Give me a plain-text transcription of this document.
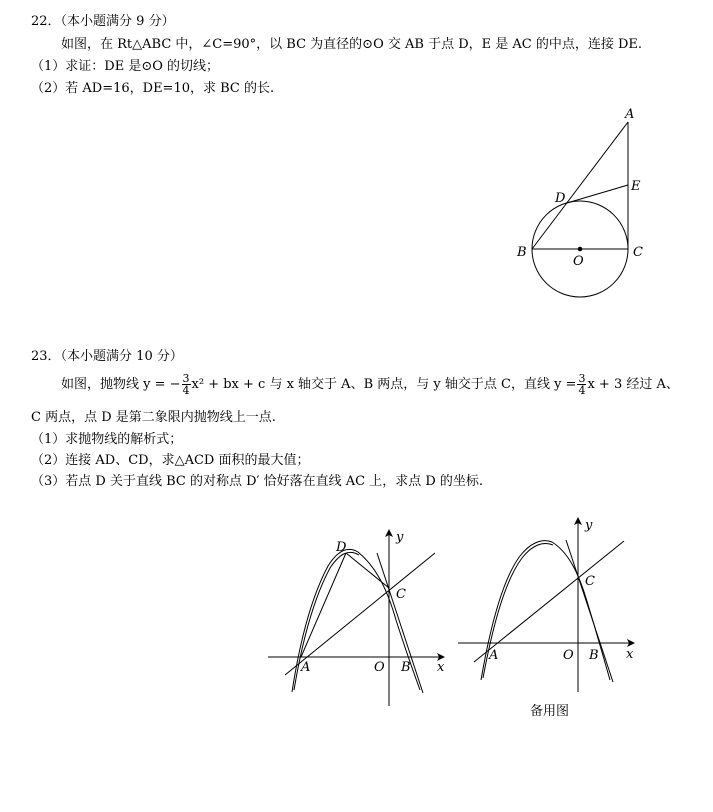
22．（本小题满分 9 分）
如图，在 Rt△ABC 中，∠C=90°，以 BC 为直径的⊙O 交 AB 于点 D，E 是 AC 的中点，连接 DE.
（1）求证：DE 是⊙O 的切线；
（2）若 AD=16，DE=10，求 BC 的长.
23．（本小题满分 10 分）
如图，抛物线 y = − $\frac{3}{4} x^2$ + bx + c 与 x 轴交于 A、B 两点，与 y 轴交于点 C，直线 $y = \frac{3}{4}$ x + 3 经过 A、
C 两点，点 D 是第二象限内抛物线上一点.
（1）求抛物线的解析式；
（2）连接 AD、CD，求△ACD 面积的最大值；
（3）若点 D 关于直线 BC 的对称点 D′ 恰好落在直线 AC 上，求点 D 的坐标.
A
B	C
D
E
O
y
x
D
C
A	O B
y
x
C
A	O B
备用图
